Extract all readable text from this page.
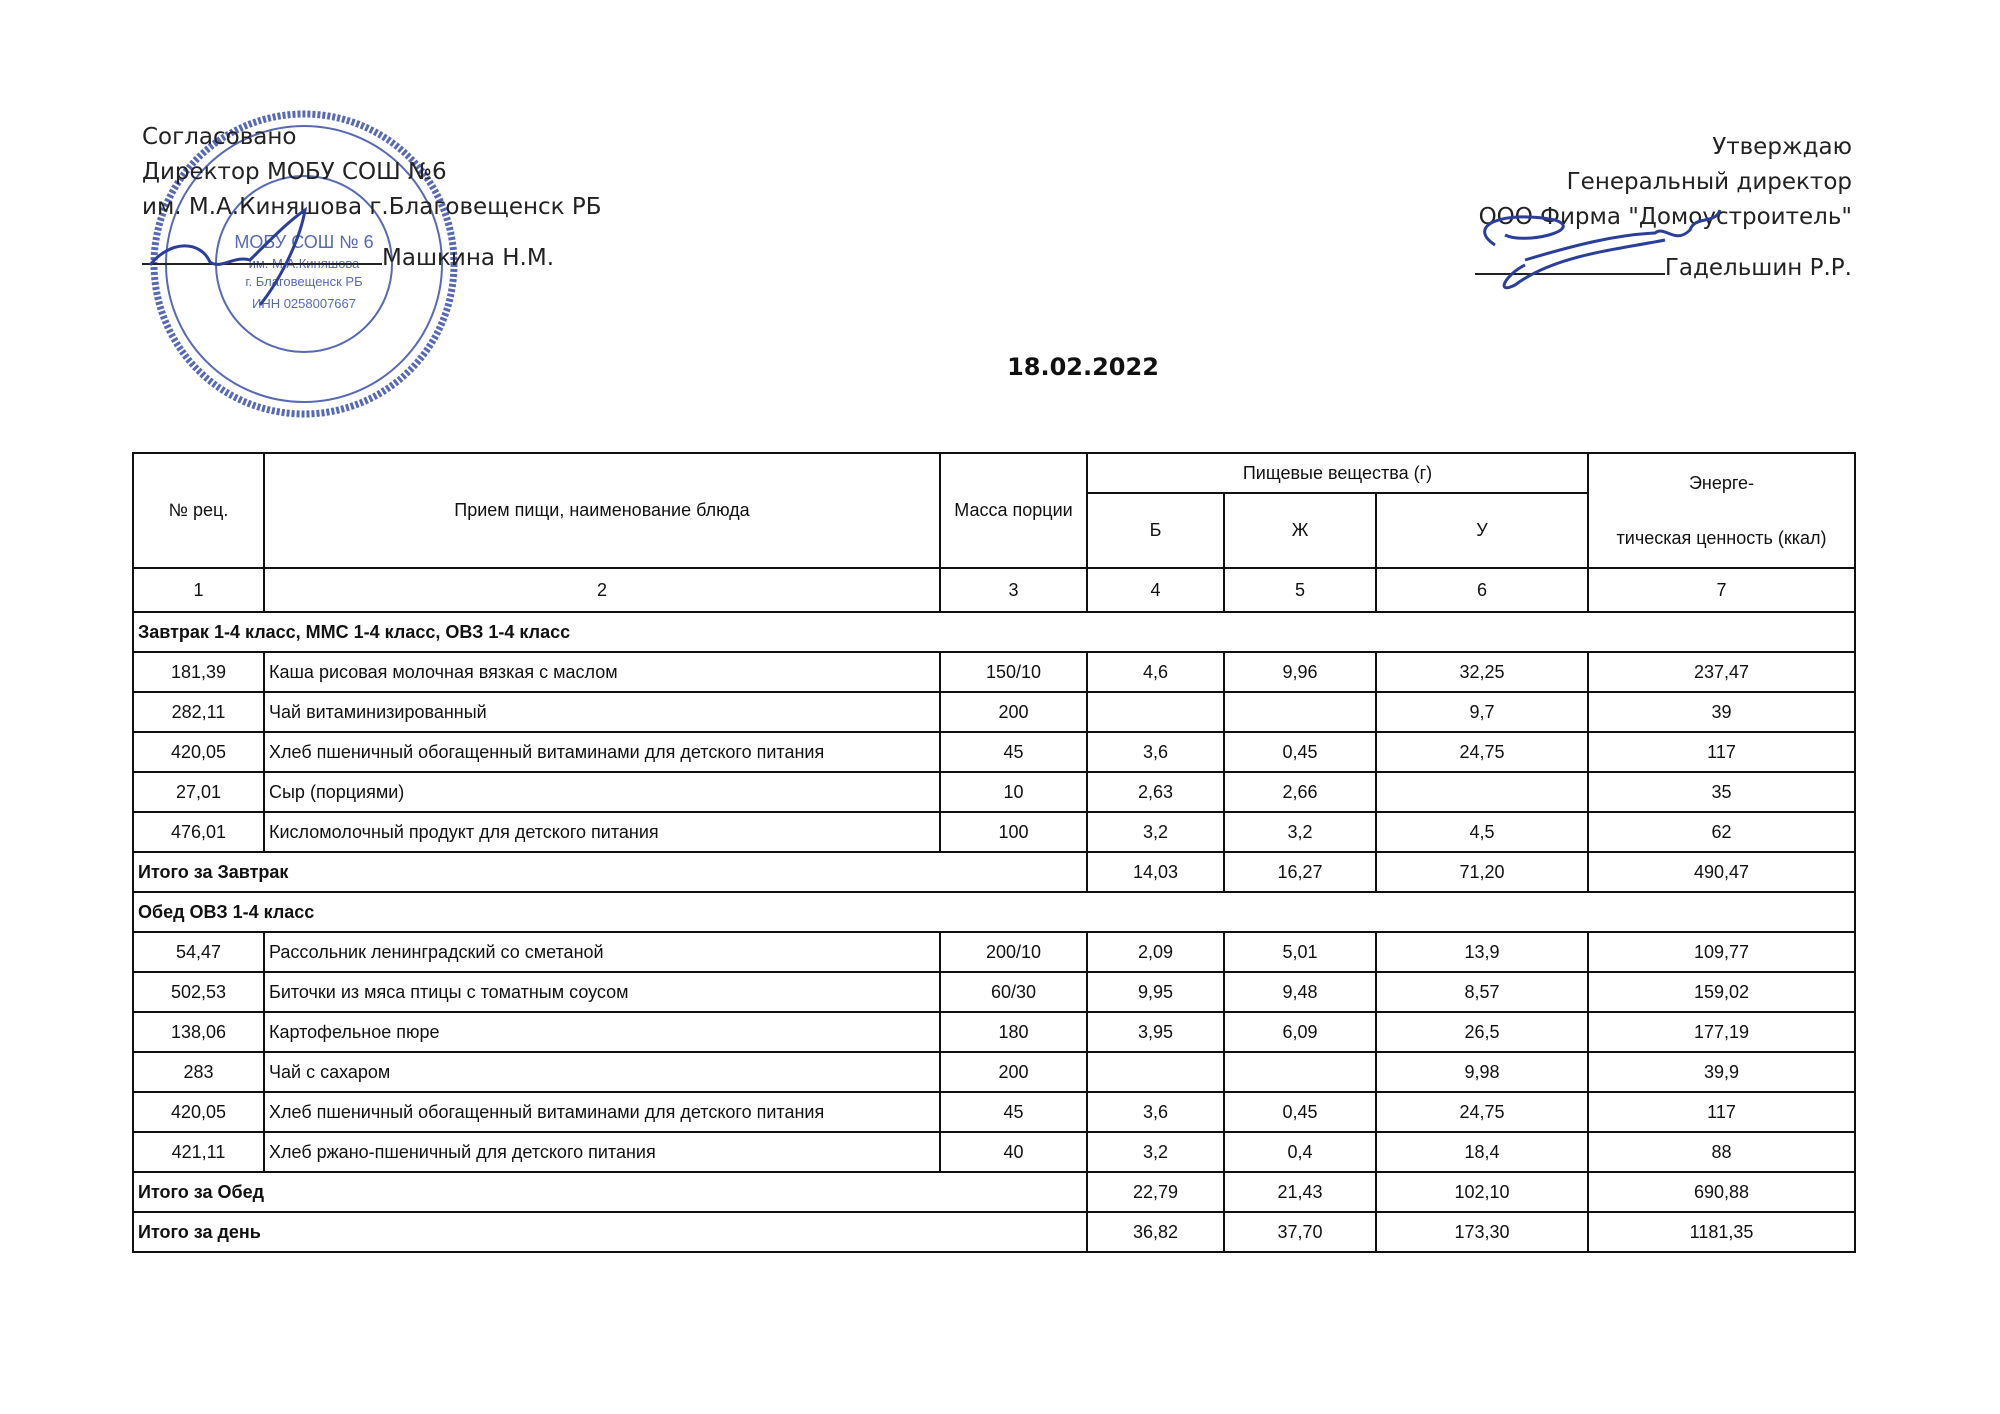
МОБУ СОШ № 6
им. М.А.Киняшова
г. Благовещенск РБ
ИНН 0258007667
Согласовано
Директор МОБУ СОШ №6
им. М.А.Киняшова г.Благовещенск РБ
Машкина Н.М.
Утверждаю
Генеральный директор
ООО Фирма "Домоустроитель"
Гадельшин Р.Р.
18.02.2022
№ рец.	Прием пищи, наименование блюда	Масса порции	Пищевые вещества (г)			Энерге-
тическая ценность (ккал)

			Б	Ж	У	
1	2	3	4	5	6	7
Завтрак 1-4 класс, ММС 1-4 класс, ОВЗ 1-4 класс						
181,39	Каша рисовая молочная вязкая с маслом	150/10	4,6	9,96	32,25	237,47
282,11	Чай витаминизированный	200			9,7	39
420,05	Хлеб пшеничный обогащенный витаминами для детского питания	45	3,6	0,45	24,75	117
27,01	Сыр (порциями)	10	2,63	2,66		35
476,01	Кисломолочный продукт для детского питания	100	3,2	3,2	4,5	62
Итого за Завтрак			14,03	16,27	71,20	490,47
Обед ОВЗ 1-4 класс						
54,47	Рассольник ленинградский со сметаной	200/10	2,09	5,01	13,9	109,77
502,53	Биточки из мяса птицы с томатным соусом	60/30	9,95	9,48	8,57	159,02
138,06	Картофельное пюре	180	3,95	6,09	26,5	177,19
283	Чай с сахаром	200			9,98	39,9
420,05	Хлеб пшеничный обогащенный витаминами для детского питания	45	3,6	0,45	24,75	117
421,11	Хлеб ржано-пшеничный для детского питания	40	3,2	0,4	18,4	88
Итого за Обед			22,79	21,43	102,10	690,88
Итого за день			36,82	37,70	173,30	1181,35
